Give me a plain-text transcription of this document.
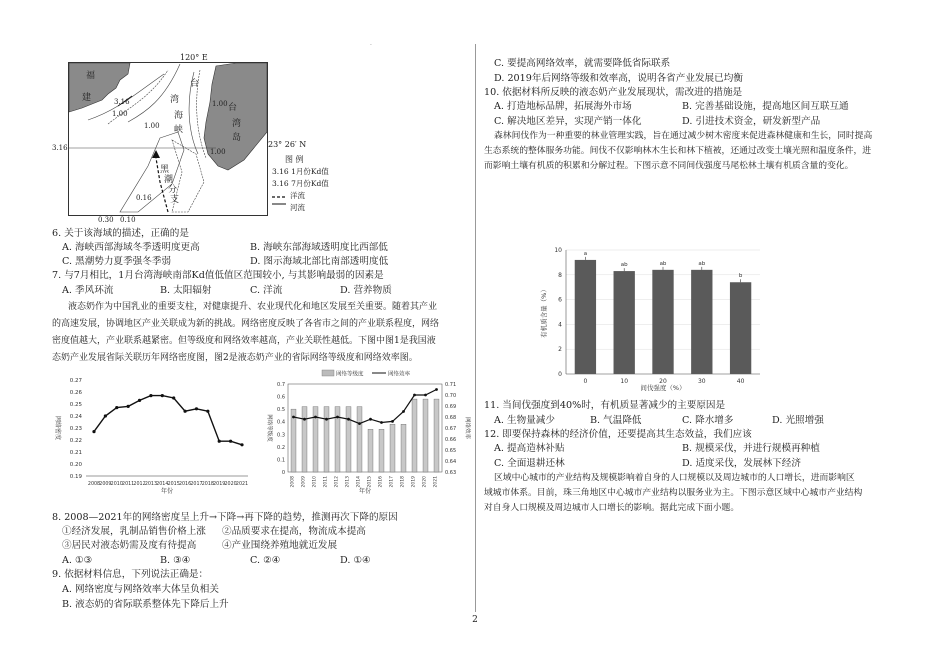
·
福
建
台
湾
海
峡
台
湾
岛
黑
潮
分
支
3.16
3.16
1.00
1.00
1.00
1.00
0.16
0.30 0.10
120° E
23° 26′ N
图 例
3.16 1月份Kd值
3.16 7月份Kd值
洋流
河流
6. 关于该海域的描述，正确的是
A. 海峡西部海域冬季透明度更高	B. 海峡东部海域透明度比西部低
C. 黑潮势力夏季强冬季弱	D. 图示海域北部比南部透明度低
7. 与7月相比，1月台湾海峡南部Kd值低值区范围较小, 与其影响最弱的因素是
A. 季风环流	B. 太阳辐射	C. 洋流	D. 营养物质
液态奶作为中国乳业的重要支柱，对健康提升、农业现代化和地区发展至关重要。随着其产业
的高速发展，协调地区产业关联成为新的挑战。网络密度反映了各省市之间的产业联系程度，网络
密度值越大，产业联系越紧密。但等级度和网络效率越高，产业关联性越低。下图中图1是我国液
态奶产业发展省际关联历年网络密度图，图2是液态奶产业的省际网络等级度和网络效率图。
0.19
0.20
0.21
0.22
0.23
0.24
0.25
0.26
0.27
2008 2009 2010 2011 2012 2013 2014 2015 2016 2017 2018 2019 2020 2021
网络密度
年份
网络等级度	网络效率
0
0.1
0.2
0.3
0.4
0.5
0.6
0.7
0.63
0.64
0.65
0.66
0.67
0.68
0.69
0.70
0.71
2008 2009 2010 2011 2012 2013 2014 2015 2016 2017 2018 2019 2020 2021
网络等级度	网络效率
年份
8. 2008—2021年的网络密度呈上升→下降→再下降的趋势，推测再次下降的原因
①经济发展，乳制品销售价格上涨 ②品质要求在提高，物流成本提高
③居民对液态奶需及度有待提高	④产业围绕养殖地就近发展
A. ①③	B. ③④	C. ②④	D. ①④
9. 依据材料信息，下列说法正确是：
A. 网络密度与网络效率大体呈负相关
B. 液态奶的省际联系整体先下降后上升
C. 要提高网络效率，就需要降低省际联系
D. 2019年后网络等级和效率高，说明各省产业发展已均衡
10. 依据材料所反映的液态奶产业发展现状，需改进的措施是
A. 打造地标品牌，拓展海外市场	B. 完善基础设施，提高地区间互联互通
C. 解决地区差异，实现产销一体化	D. 引进技术资金，研发新型产品
森林间伐作为一种重要的林业管理实践，旨在通过减少树木密度来促进森林健康和生长，同时提高
生态系统的整体服务功能。间伐不仅影响林木生长和林下植被，还通过改变土壤光照和温度条件，进
而影响土壤有机质的积累和分解过程。下图示意不同间伐强度马尾松林土壤有机质含量的变化。
0
2
4
6
8
10	a
0
ab
10
ab
20
ab
30
b
40
有机质含量（%）
间伐强度（%）
11. 当间伐强度到40%时，有机质显著减少的主要原因是
A. 生物量减少	B. 气温降低	C. 降水增多	D. 光照增强
12. 即要保持森林的经济价值，还要提高其生态效益，我们应该
A. 提高造林补贴	B. 规模采伐，并进行规模再种植
C. 全面退耕还林	D. 适度采伐，发展林下经济
区域中心城市的产业结构及规模影响着自身的人口规模以及周边城市的人口增长，进而影响区
域城市体系。目前，珠三角地区中心城市产业结构以服务业为主。下图示意区域中心城市产业结构
对自身人口规模及周边城市人口增长的影响。据此完成下面小题。
2
